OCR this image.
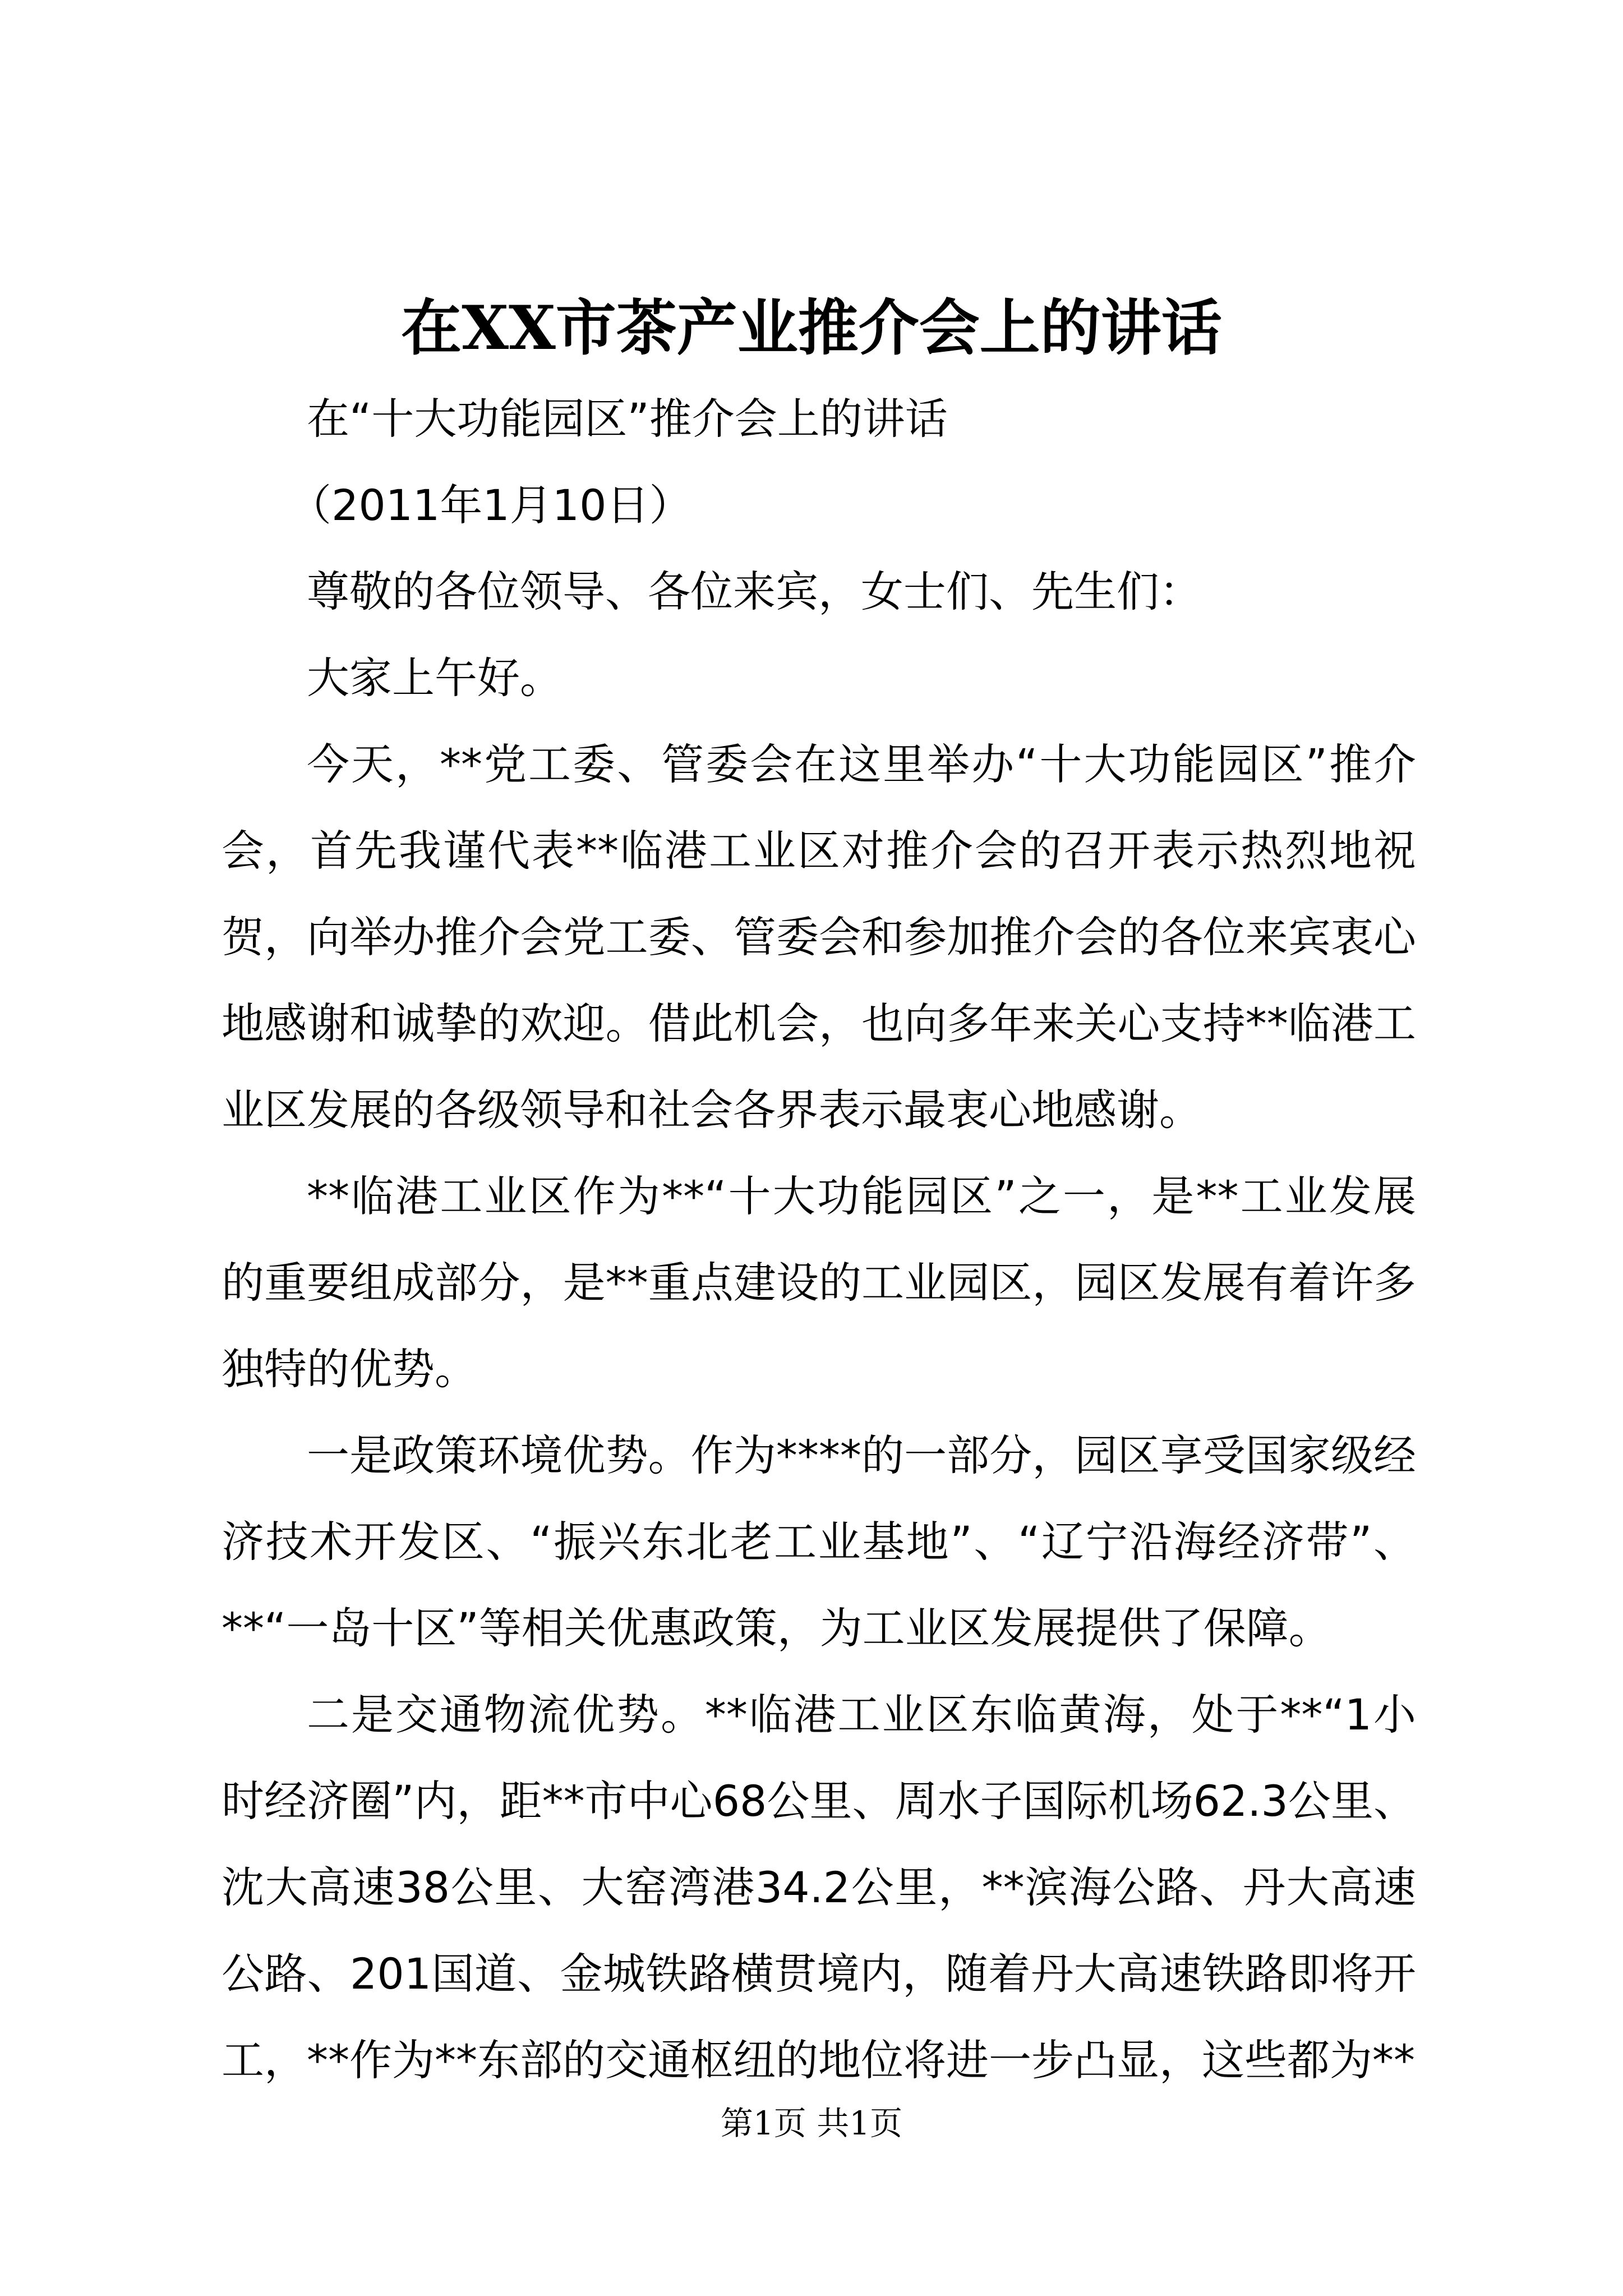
在XX市茶产业推介会上的讲话
在“十大功能园区”推介会上的讲话
（2011年1月10日）
尊敬的各位领导、各位来宾，女士们、先生们：
大家上午好。

今天，**党工委、管委会在这里举办“十大功能园区”推介会，首先我谨代表**临港工业区对推介会的召开表示热烈地祝贺，向举办推介会党工委、管委会和参加推介会的各位来宾衷心地感谢和诚挚的欢迎。借此机会，也向多年来关心支持**临港工业区发展的各级领导和社会各界表示最衷心地感谢。

**临港工业区作为**“十大功能园区”之一，是**工业发展的重要组成部分，是**重点建设的工业园区，园区发展有着许多独特的优势。

一是政策环境优势。作为****的一部分，园区享受国家级经济技术开发区、“振兴东北老工业基地”、“辽宁沿海经济带”、**“一岛十区”等相关优惠政策，为工业区发展提供了保障。

二是交通物流优势。**临港工业区东临黄海，处于**“1小时经济圈”内，距**市中心68公里、周水子国际机场62.3公里、沈大高速38公里、大窑湾港34.2公里，**滨海公路、丹大高速公路、201国道、金城铁路横贯境内，随着丹大高速铁路即将开工，**作为**东部的交通枢纽的地位将进一步凸显，这些都为**

第1页 共1页
